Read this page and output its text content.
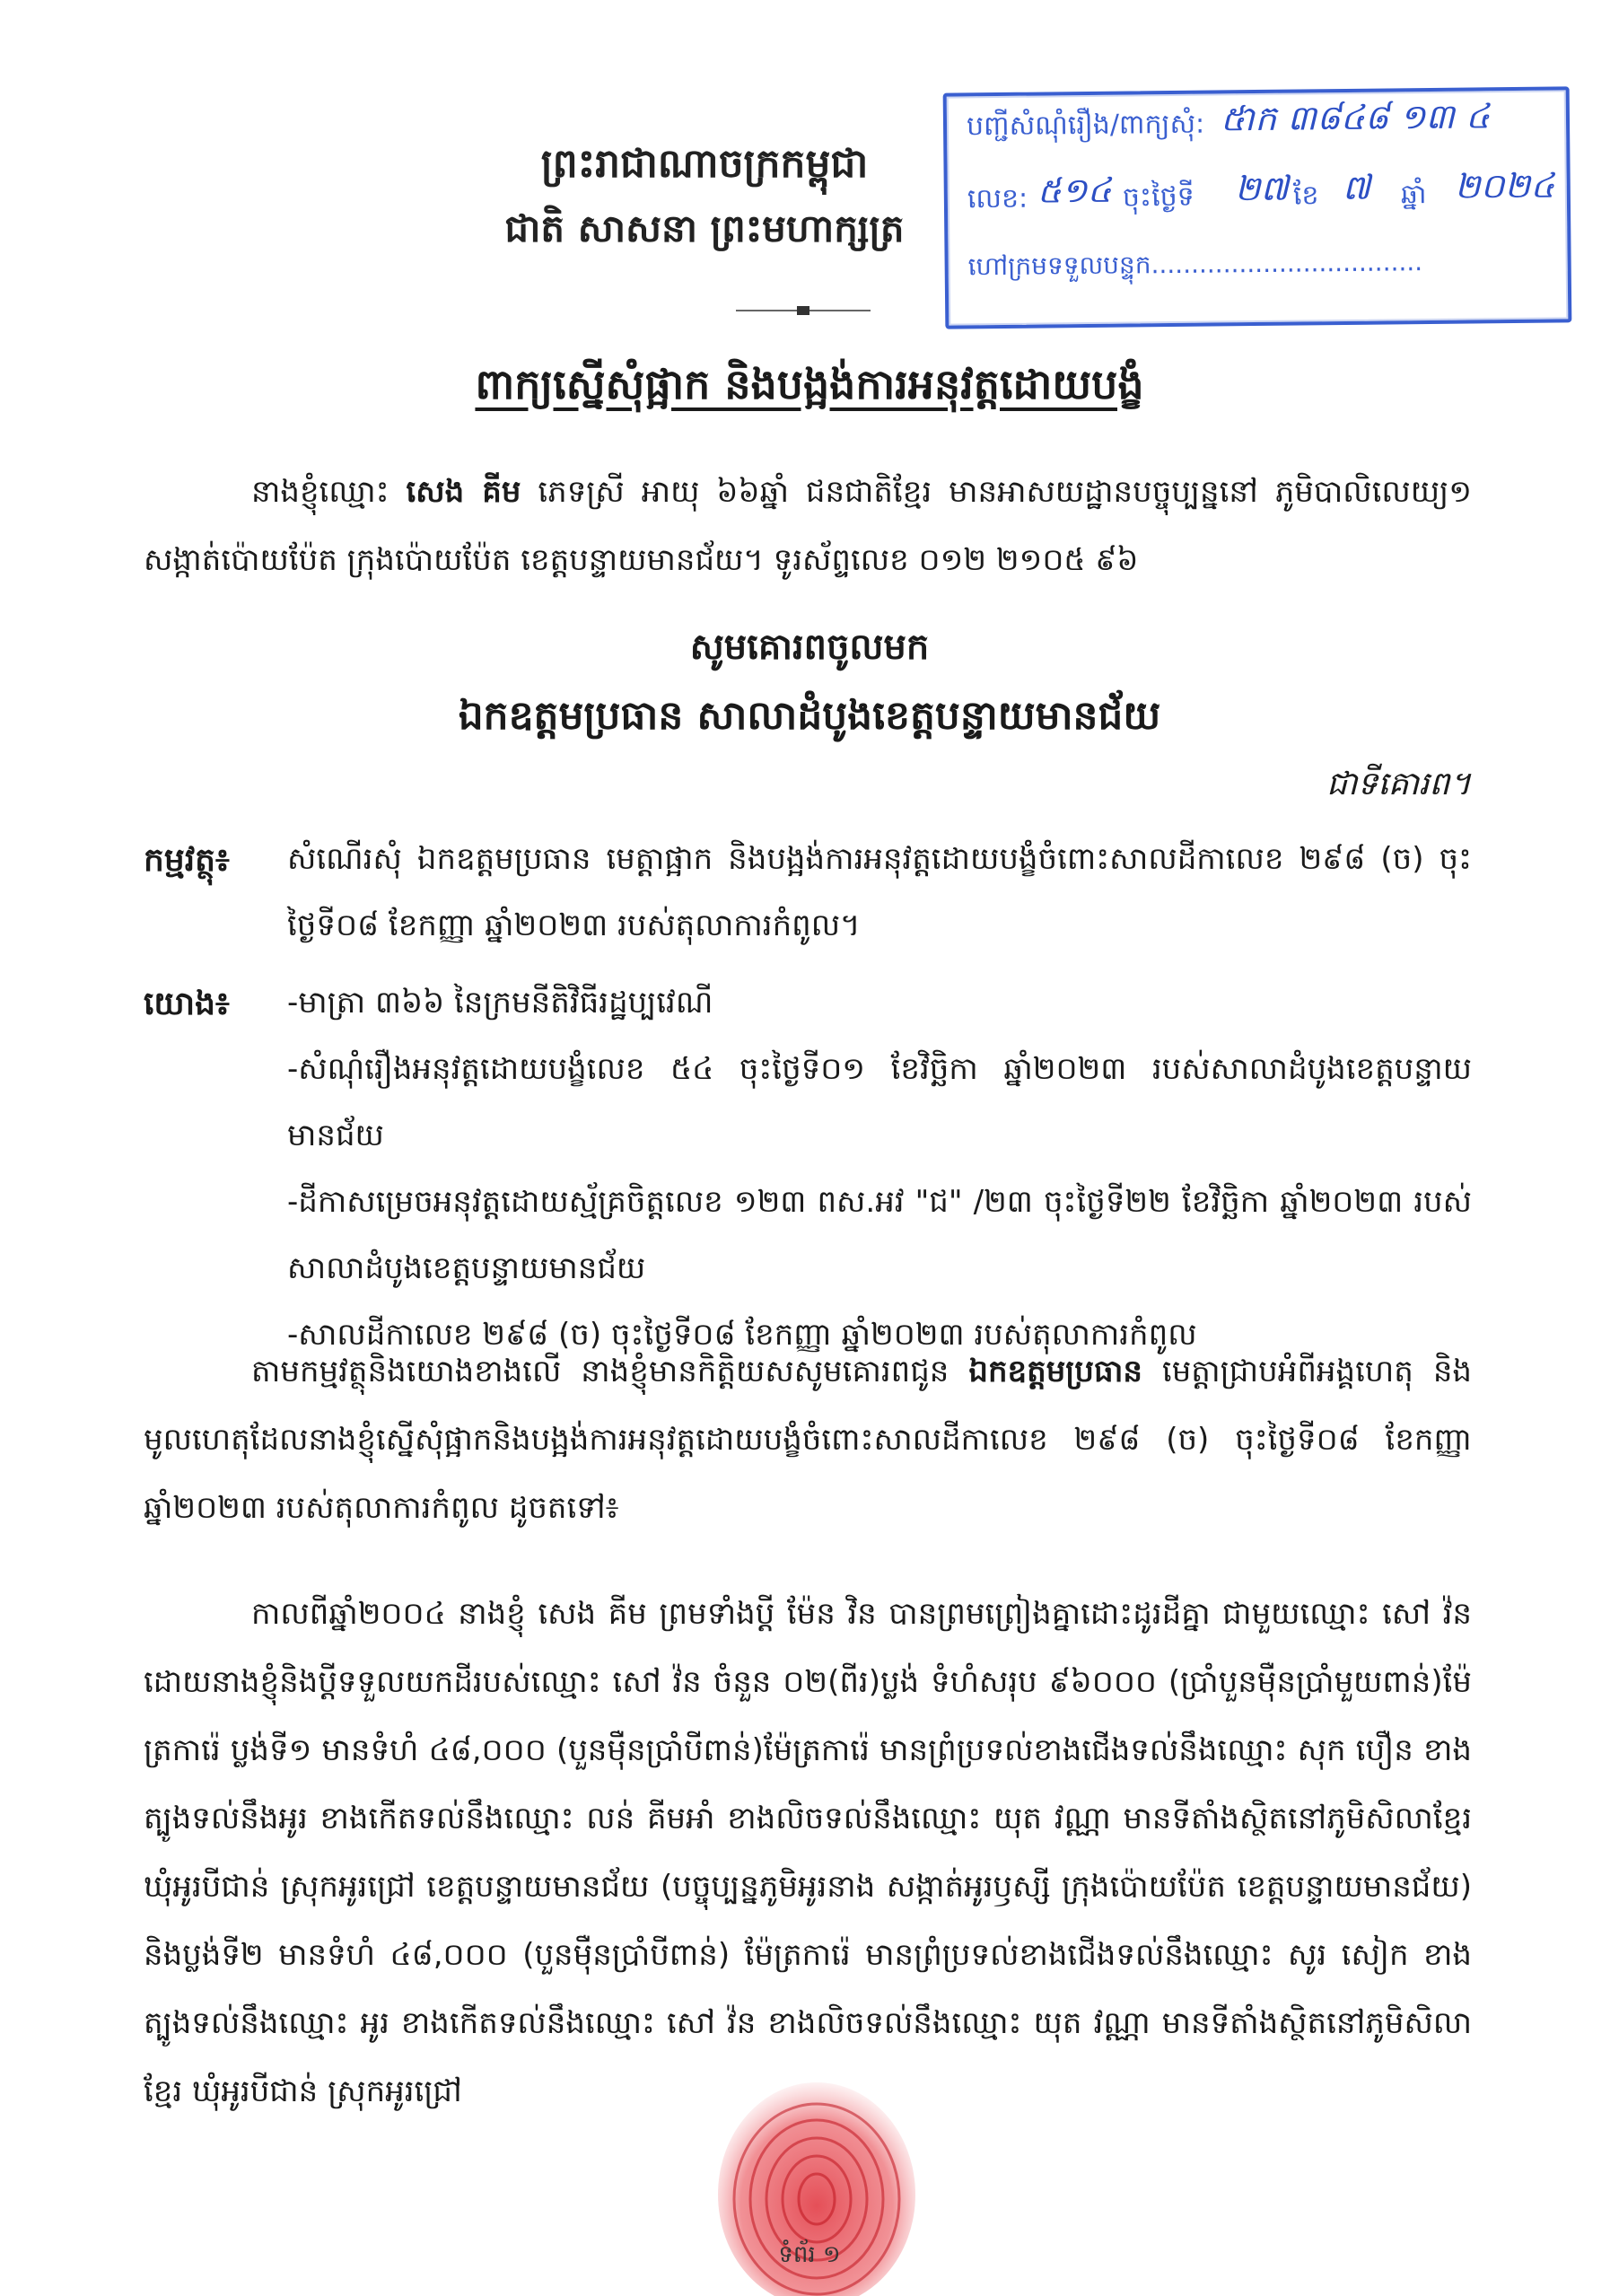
ព្រះរាជាណាចក្រកម្ពុជា
ជាតិ សាសនា ព្រះមហាក្សត្រ
បញ្ជីសំណុំរឿង/ពាក្យសុំ: ៥ាក ៣៨៤៨ ១៣ ៤
លេខ: ៥១៤ ចុះថ្ងៃទី ២៧ ខែ ៧ ឆ្នាំ ២០២៤
ហៅក្រមទទួលបន្ទុក..................................
ពាក្យស្នើសុំផ្អាក និងបង្អង់ការអនុវត្តដោយបង្ខំ

នាងខ្ញុំឈ្មោះ សេង គីម ភេទស្រី អាយុ ៦៦ឆ្នាំ ជនជាតិខ្មែរ មានអាសយដ្ឋានបច្ចុប្បន្ននៅ ភូមិបាលិលេយ្យ១ សង្កាត់ប៉ោយប៉ែត ក្រុងប៉ោយប៉ែត ខេត្តបន្ទាយមានជ័យ។ ទូរស័ព្ទលេខ ០១២ ២១០៥ ៩៦

សូមគោរពចូលមក
ឯកឧត្តមប្រធាន សាលាដំបូងខេត្តបន្ទាយមានជ័យ
ជាទីគោរព។
កម្មវត្ថុ៖ សំណើរសុំ ឯកឧត្តមប្រធាន មេត្តាផ្អាក និងបង្អង់ការអនុវត្តដោយបង្ខំចំពោះសាលដីកាលេខ ២៩៨ (ច) ចុះថ្ងៃទី០៨ ខែកញ្ញា ឆ្នាំ២០២៣ របស់តុលាការកំពូល។
យោង៖ -មាត្រា ៣៦៦ នៃក្រមនីតិវិធីរដ្ឋប្បវេណី
-សំណុំរឿងអនុវត្តដោយបង្ខំលេខ ៥៤ ចុះថ្ងៃទី០១ ខែវិច្ឆិកា ឆ្នាំ២០២៣ របស់សាលាដំបូងខេត្តបន្ទាយមានជ័យ
-ដីកាសម្រេចអនុវត្តដោយស្ម័គ្រចិត្តលេខ ១២៣ ពស.អវ "ជ" /២៣ ចុះថ្ងៃទី២២ ខែវិច្ឆិកា ឆ្នាំ២០២៣ របស់សាលាដំបូងខេត្តបន្ទាយមានជ័យ
-សាលដីកាលេខ ២៩៨ (ច) ចុះថ្ងៃទី០៨ ខែកញ្ញា ឆ្នាំ២០២៣ របស់តុលាការកំពូល

តាមកម្មវត្ថុនិងយោងខាងលើ នាងខ្ញុំមានកិត្តិយសសូមគោរពជូន ឯកឧត្តមប្រធាន មេត្តាជ្រាបអំពីអង្គហេតុ និងមូលហេតុដែលនាងខ្ញុំស្នើសុំផ្អាកនិងបង្អង់ការអនុវត្តដោយបង្ខំចំពោះសាលដីកាលេខ ២៩៨ (ច) ចុះថ្ងៃទី០៨ ខែកញ្ញា ឆ្នាំ២០២៣ របស់តុលាការកំពូល ដូចតទៅ៖

កាលពីឆ្នាំ២០០៤ នាងខ្ញុំ សេង គីម ព្រមទាំងប្តី ម៉ែន វិន បានព្រមព្រៀងគ្នាដោះដូរដីគ្នា ជាមួយឈ្មោះ សៅ វ៉ន ដោយនាងខ្ញុំនិងប្តីទទួលយកដីរបស់ឈ្មោះ សៅ វ៉ន ចំនួន ០២(ពីរ)ប្លង់ ទំហំសរុប ៩៦០០០ (ប្រាំបួនម៉ឺនប្រាំមួយពាន់)ម៉ែត្រការ៉េ ប្លង់ទី១ មានទំហំ ៤៨,០០០ (បួនម៉ឺនប្រាំបីពាន់)ម៉ែត្រការ៉េ មានព្រំប្រទល់ខាងជើងទល់នឹងឈ្មោះ សុក បឿន ខាងត្បូងទល់នឹងអូរ ខាងកើតទល់នឹងឈ្មោះ លន់ គីមអាំ ខាងលិចទល់នឹងឈ្មោះ យុត វណ្ណា មានទីតាំងស្ថិតនៅភូមិសិលាខ្មែរ ឃុំអូរបីជាន់ ស្រុកអូរជ្រៅ ខេត្តបន្ទាយមានជ័យ (បច្ចុប្បន្នភូមិអូរនាង សង្កាត់អូរឫស្សី ក្រុងប៉ោយប៉ែត ខេត្តបន្ទាយមានជ័យ) និងប្លង់ទី២ មានទំហំ ៤៨,០០០ (បួនម៉ឺនប្រាំបីពាន់) ម៉ែត្រការ៉េ មានព្រំប្រទល់ខាងជើងទល់នឹងឈ្មោះ សូរ សៀក ខាងត្បូងទល់នឹងឈ្មោះ អូរ ខាងកើតទល់នឹងឈ្មោះ សៅ វ៉ន ខាងលិចទល់នឹងឈ្មោះ យុត វណ្ណា មានទីតាំងស្ថិតនៅភូមិសិលាខ្មែរ ឃុំអូរបីជាន់ ស្រុកអូរជ្រៅ

ទំព័រ ១
